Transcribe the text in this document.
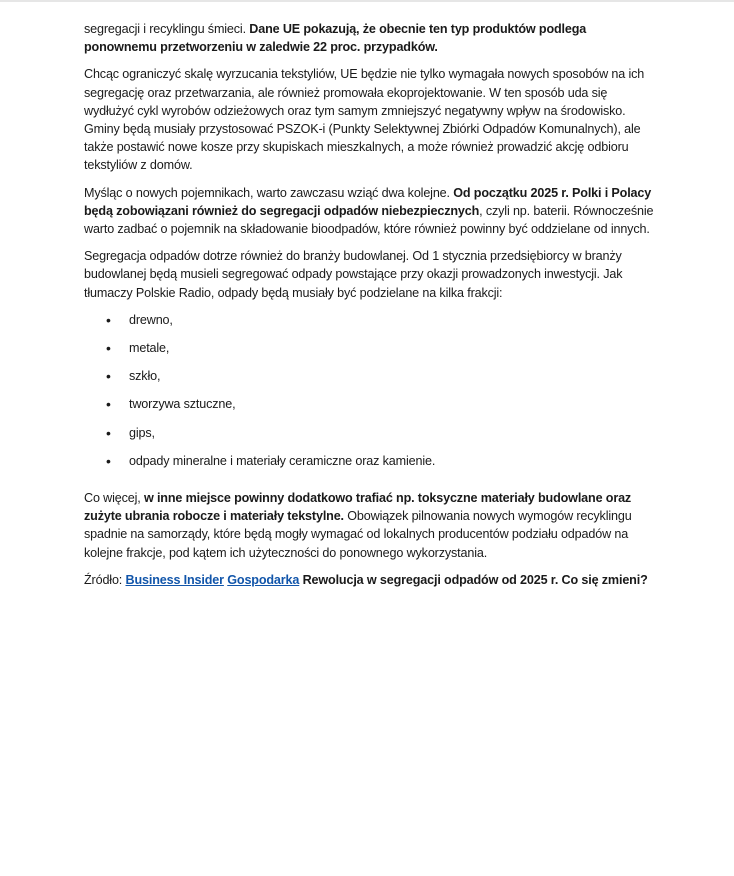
segregacji i recyklingu śmieci. Dane UE pokazują, że obecnie ten typ produktów podlega ponownemu przetworzeniu w zaledwie 22 proc. przypadków.

Chcąc ograniczyć skalę wyrzucania tekstyliów, UE będzie nie tylko wymagała nowych sposobów na ich segregację oraz przetwarzania, ale również promowała ekoprojektowanie. W ten sposób uda się wydłużyć cykl wyrobów odzieżowych oraz tym samym zmniejszyć negatywny wpływ na środowisko. Gminy będą musiały przystosować PSZOK-i (Punkty Selektywnej Zbiórki Odpadów Komunalnych), ale także postawić nowe kosze przy skupiskach mieszkalnych, a może również prowadzić akcję odbioru tekstyliów z domów.

Myśląc o nowych pojemnikach, warto zawczasu wziąć dwa kolejne. Od początku 2025 r. Polki i Polacy będą zobowiązani również do segregacji odpadów niebezpiecznych, czyli np. baterii. Równocześnie warto zadbać o pojemnik na składowanie bioodpadów, które również powinny być oddzielane od innych.

Segregacja odpadów dotrze również do branży budowlanej. Od 1 stycznia przedsiębiorcy w branży budowlanej będą musieli segregować odpady powstające przy okazji prowadzonych inwestycji. Jak tłumaczy Polskie Radio, odpady będą musiały być podzielane na kilka frakcji:

• drewno,
• metale,
• szkło,
• tworzywa sztuczne,
• gips,
• odpady mineralne i materiały ceramiczne oraz kamienie.

Co więcej, w inne miejsce powinny dodatkowo trafiać np. toksyczne materiały budowlane oraz zużyte ubrania robocze i materiały tekstylne. Obowiązek pilnowania nowych wymogów recyklingu spadnie na samorządy, które będą mogły wymagać od lokalnych producentów podziału odpadów na kolejne frakcje, pod kątem ich użyteczności do ponownego wykorzystania.

Źródło: Business Insider Gospodarka Rewolucja w segregacji odpadów od 2025 r. Co się zmieni?
